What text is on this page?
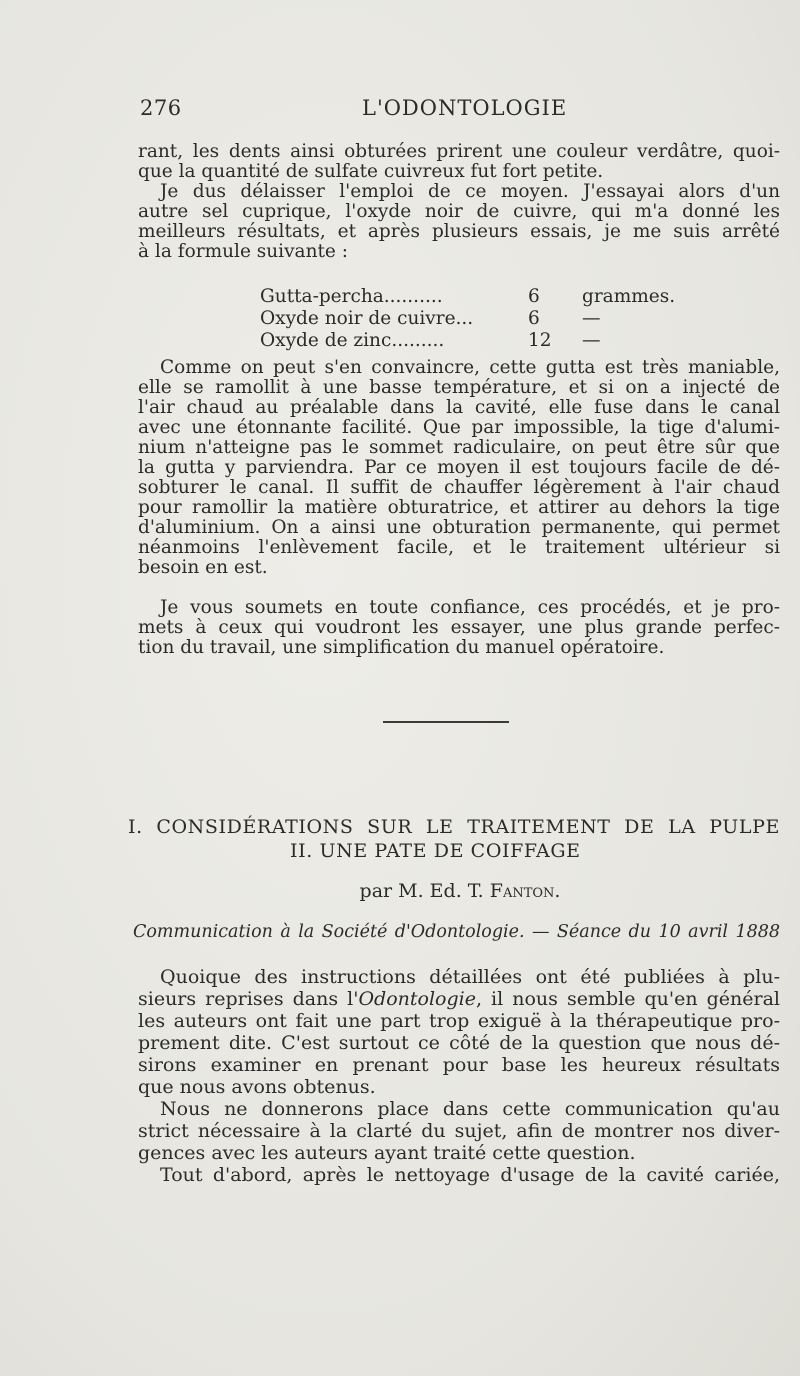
276	L'ODONTOLOGIE
rant, les dents ainsi obturées prirent une couleur verdâtre, quoi-
que la quantité de sulfate cuivreux fut fort petite.
Je dus délaisser l'emploi de ce moyen. J'essayai alors d'un
autre sel cuprique, l'oxyde noir de cuivre, qui m'a donné les
meilleurs résultats, et après plusieurs essais, je me suis arrêté
à la formule suivante :
Gutta-percha..........	6 grammes.
Oxyde noir de cuivre...	6 —
Oxyde de zinc.........	12 —
Comme on peut s'en convaincre, cette gutta est très maniable,
elle se ramollit à une basse température, et si on a injecté de
l'air chaud au préalable dans la cavité, elle fuse dans le canal
avec une étonnante facilité. Que par impossible, la tige d'alumi-
nium n'atteigne pas le sommet radiculaire, on peut être sûr que
la gutta y parviendra. Par ce moyen il est toujours facile de dé-
sobturer le canal. Il suffit de chauffer légèrement à l'air chaud
pour ramollir la matière obturatrice, et attirer au dehors la tige
d'aluminium. On a ainsi une obturation permanente, qui permet
néanmoins l'enlèvement facile, et le traitement ultérieur si
besoin en est.
Je vous soumets en toute confiance, ces procédés, et je pro-
mets à ceux qui voudront les essayer, une plus grande perfec-
tion du travail, une simplification du manuel opératoire.
I. CONSIDÉRATIONS SUR LE TRAITEMENT DE LA PULPE
II. UNE PATE DE COIFFAGE
par M. Ed. T. Fanton.
Communication à la Société d'Odontologie. — Séance du 10 avril 1888
Quoique des instructions détaillées ont été publiées à plu-
sieurs reprises dans l'Odontologie, il nous semble qu'en général
les auteurs ont fait une part trop exiguë à la thérapeutique pro-
prement dite. C'est surtout ce côté de la question que nous dé-
sirons examiner en prenant pour base les heureux résultats
que nous avons obtenus.
Nous ne donnerons place dans cette communication qu'au
strict nécessaire à la clarté du sujet, afin de montrer nos diver-
gences avec les auteurs ayant traité cette question.
Tout d'abord, après le nettoyage d'usage de la cavité cariée,
